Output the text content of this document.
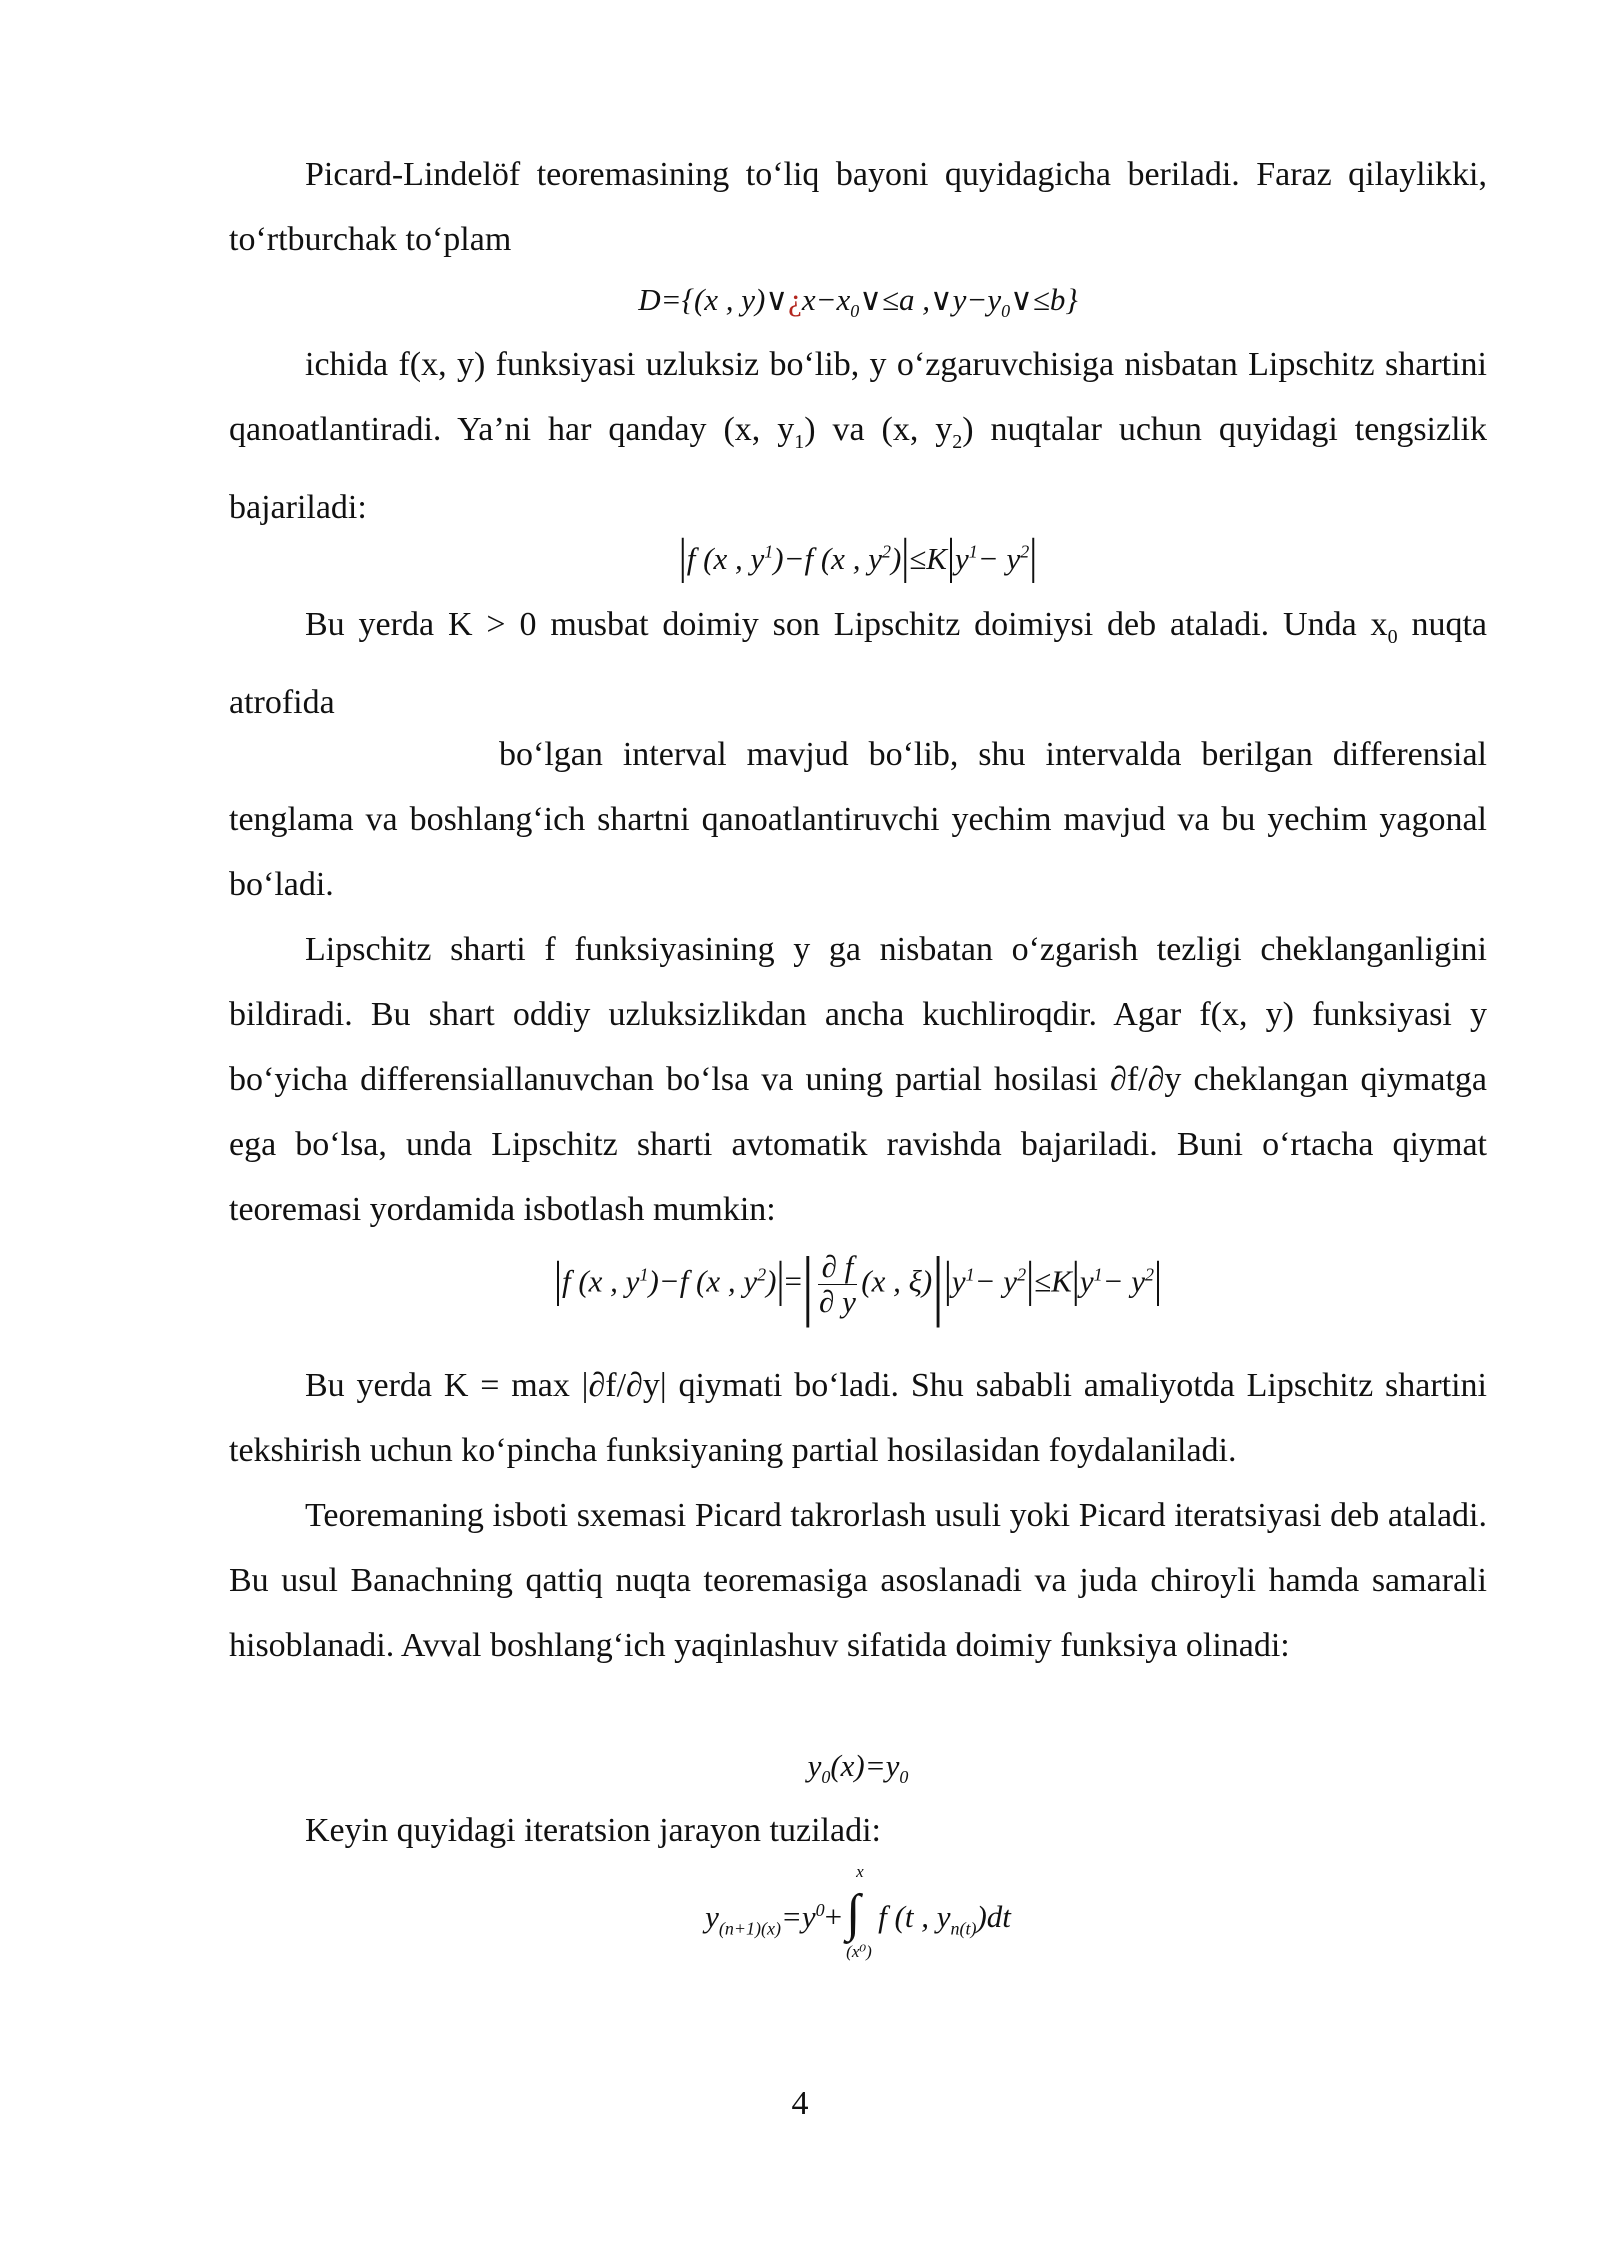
Picard-Lindelöf teoremasining to‘liq bayoni quyidagicha beriladi. Faraz qilaylikki, to‘rtburchak to‘plam

D={(x , $y)\vee¿x-x_0\vee\le a$ $,\vee y-y_0\vee\le b$}

ichida f(x, y) funksiyasi uzluksiz bo‘lib, y o‘zgaruvchisiga nisbatan Lipschitz shartini qanoatlantiradi. Ya’ni har qanday (x, $y_1$) va (x, $y_2$) nuqtalar uchun quyidagi tengsizlik bajariladi:

|f (x , $y^1)-f$ (x , $y^2)|\le K|y^1- y^2|$

Bu yerda K > 0 musbat doimiy son Lipschitz doimiysi deb ataladi. Unda $x_0$ nuqta atrofida

bo‘lgan interval mavjud bo‘lib, shu intervalda berilgan differensial tenglama va boshlang‘ich shartni qanoatlantiruvchi yechim mavjud va bu yechim yagonal bo‘ladi.

Lipschitz sharti f funksiyasining y ga nisbatan o‘zgarish tezligi cheklanganligini bildiradi. Bu shart oddiy uzluksizlikdan ancha kuchliroqdir. Agar f(x, y) funksiyasi y bo‘yicha differensiallanuvchan bo‘lsa va uning partial hosilasi ∂f/∂y cheklangan qiymatga ega bo‘lsa, unda Lipschitz sharti avtomatik ravishda bajariladi. Buni o‘rtacha qiymat teoremasi yordamida isbotlash mumkin:

|f (x , $y^1)-f$ (x , $y^2)|=| \frac{\partial f}{\partial y} (x$ , $\xi)||y^1- y^2|\le K|y^1- y^2|$

Bu yerda K = max |∂f/∂y| qiymati bo‘ladi. Shu sababli amaliyotda Lipschitz shartini tekshirish uchun ko‘pincha funksiyaning partial hosilasidan foydalaniladi.

Teoremaning isboti sxemasi Picard takrorlash usuli yoki Picard iteratsiyasi deb ataladi. Bu usul Banachning qattiq nuqta teoremasiga asoslanadi va juda chiroyli hamda samarali hisoblanadi. Avval boshlang‘ich yaqinlashuv sifatida doimiy funksiya olinadi:

$y_0(x)=y_0$

Keyin quyidagi iteratsion jarayon tuziladi:

$y_{(n+1)(x)}=y^0+$ ∫
x
(x⁰)
f (t , $y_{n(t)})dt$
4
